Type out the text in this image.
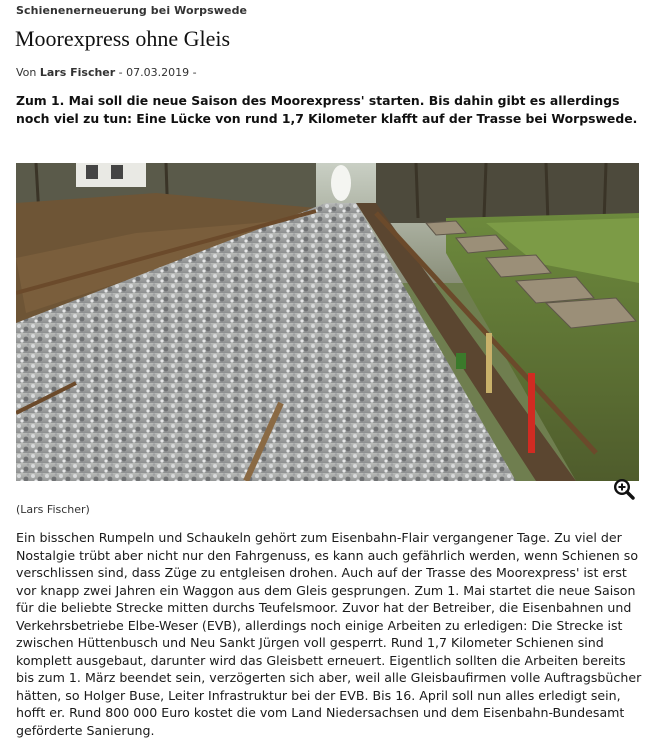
Schienenerneuerung bei Worpswede
Moorexpress ohne Gleis
Von Lars Fischer - 07.03.2019 -
Zum 1. Mai soll die neue Saison des Moorexpress' starten. Bis dahin gibt es allerdings noch viel zu tun: Eine Lücke von rund 1,7 Kilometer klafft auf der Trasse bei Worpswede.
(Lars Fischer)
Ein bisschen Rumpeln und Schaukeln gehört zum Eisenbahn-Flair vergangener Tage. Zu viel der Nostalgie trübt aber nicht nur den Fahrgenuss, es kann auch gefährlich werden, wenn Schienen so verschlissen sind, dass Züge zu entgleisen drohen. Auch auf der Trasse des Moorexpress' ist erst vor knapp zwei Jahren ein Waggon aus dem Gleis gesprungen. Zum 1. Mai startet die neue Saison für die beliebte Strecke mitten durchs Teufelsmoor. Zuvor hat der Betreiber, die Eisenbahnen und Verkehrsbetriebe Elbe-Weser (EVB), allerdings noch einige Arbeiten zu erledigen: Die Strecke ist zwischen Hüttenbusch und Neu Sankt Jürgen voll gesperrt. Rund 1,7 Kilometer Schienen sind komplett ausgebaut, darunter wird das Gleisbett erneuert. Eigentlich sollten die Arbeiten bereits bis zum 1. März beendet sein, verzögerten sich aber, weil alle Gleisbaufirmen volle Auftragsbücher hätten, so Holger Buse, Leiter Infrastruktur bei der EVB. Bis 16. April soll nun alles erledigt sein, hofft er. Rund 800 000 Euro kostet die vom Land Niedersachsen und dem Eisenbahn-Bundesamt geförderte Sanierung.
